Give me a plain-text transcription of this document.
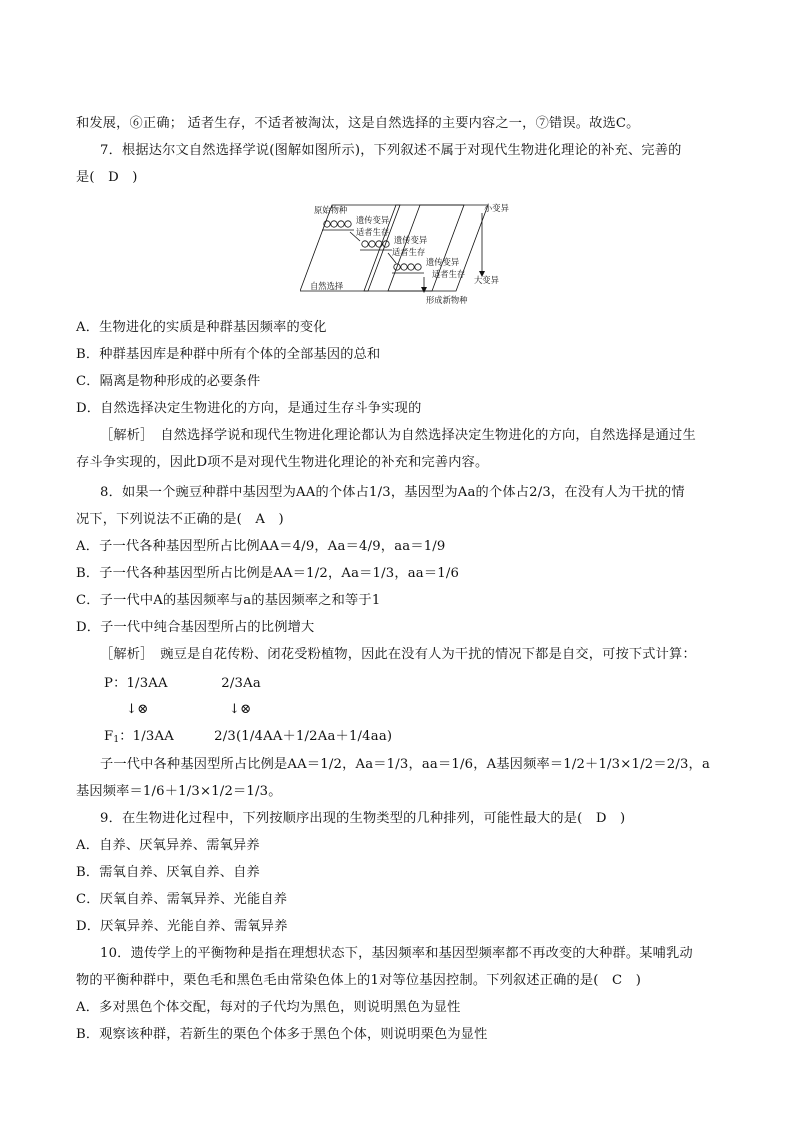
和发展，⑥正确； 适者生存，不适者被淘汰，这是自然选择的主要内容之一，⑦错误。故选C。
7．根据达尔文自然选择学说(图解如图所示)，下列叙述不属于对现代生物进化理论的补充、完善的
是(　D　)
原始物种
遗传变异
适者生存
遗传变异
适者生存
遗传变异
适者生存
自然选择
形成新物种
小变异
大变异
A．生物进化的实质是种群基因频率的变化
B．种群基因库是种群中所有个体的全部基因的总和
C．隔离是物种形成的必要条件
D．自然选择决定生物进化的方向，是通过生存斗争实现的
［解析］　自然选择学说和现代生物进化理论都认为自然选择决定生物进化的方向，自然选择是通过生
存斗争实现的，因此D项不是对现代生物进化理论的补充和完善内容。
8．如果一个豌豆种群中基因型为AA的个体占1/3，基因型为Aa的个体占2/3，在没有人为干扰的情
况下，下列说法不正确的是(　A　)
A．子一代各种基因型所占比例AA＝4/9，Aa＝4/9，aa＝1/9
B．子一代各种基因型所占比例是AA＝1/2，Aa＝1/3，aa＝1/6
C．子一代中A的基因频率与a的基因频率之和等于1
D．子一代中纯合基因型所占的比例增大
［解析］　豌豆是自花传粉、闭花受粉植物，因此在没有人为干扰的情况下都是自交，可按下式计算：
P：1/3AA　　　　2/3Aa
↓⊗　　　　　　↓⊗
$F_1$：1/3AA　　　2/3(1/4AA＋1/2Aa＋1/4aa)
子一代中各种基因型所占比例是AA＝1/2，Aa＝1/3，aa＝1/6，A基因频率＝1/2＋1/3×1/2＝2/3，a
基因频率＝1/6＋1/3×1/2＝1/3。
9．在生物进化过程中，下列按顺序出现的生物类型的几种排列，可能性最大的是(　D　)
A．自养、厌氧异养、需氧异养
B．需氧自养、厌氧自养、自养
C．厌氧自养、需氧异养、光能自养
D．厌氧异养、光能自养、需氧异养
10．遗传学上的平衡物种是指在理想状态下，基因频率和基因型频率都不再改变的大种群。某哺乳动
物的平衡种群中，栗色毛和黑色毛由常染色体上的1对等位基因控制。下列叙述正确的是(　C　)
A．多对黑色个体交配，每对的子代均为黑色，则说明黑色为显性
B．观察该种群，若新生的栗色个体多于黑色个体，则说明栗色为显性
